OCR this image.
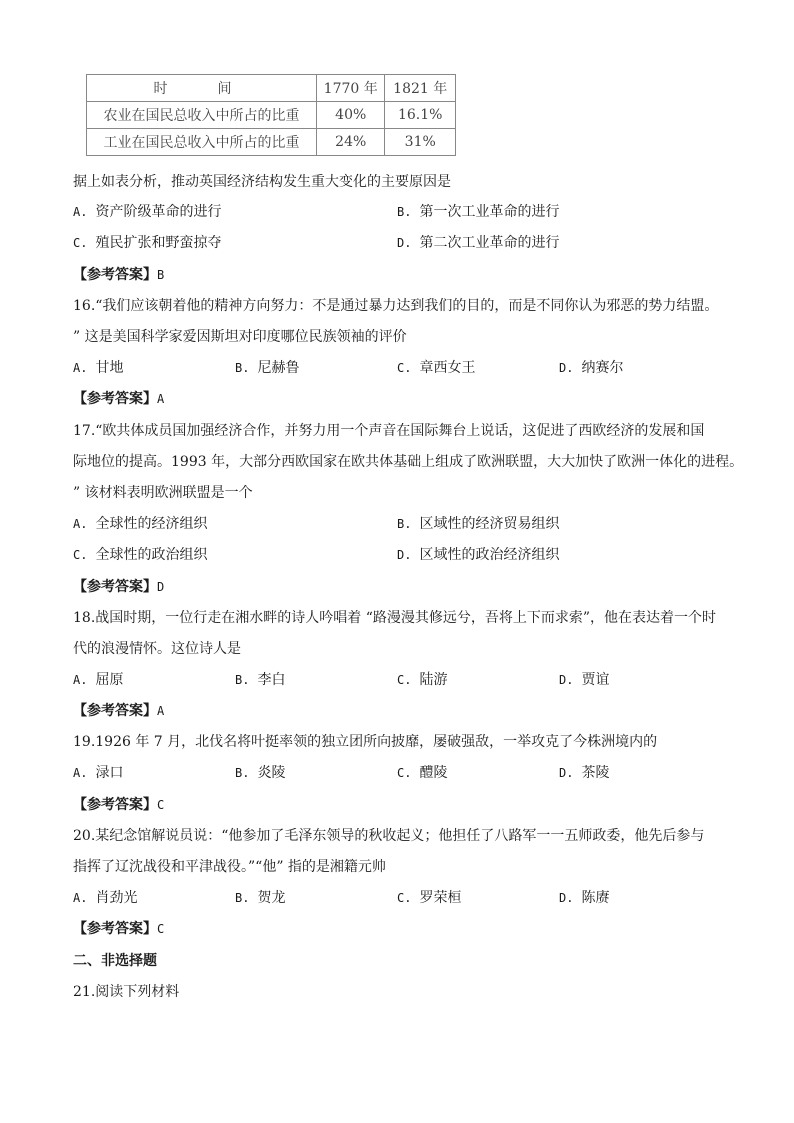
时　间	1770 年	1821 年
农业在国民总收入中所占的比重	40%	16.1%
工业在国民总收入中所占的比重	24%	31%
据上如表分析，推动英国经济结构发生重大变化的主要原因是
A. 资产阶级革命的进行	B. 第一次工业革命的进行
C. 殖民扩张和野蛮掠夺	D. 第二次工业革命的进行
【参考答案】B
16.“我们应该朝着他的精神方向努力：不是通过暴力达到我们的目的，而是不同你认为邪恶的势力结盟。
” 这是美国科学家爱因斯坦对印度哪位民族领袖的评价
A. 甘地	B. 尼赫鲁	C. 章西女王	D. 纳赛尔
【参考答案】A
17.“欧共体成员国加强经济合作，并努力用一个声音在国际舞台上说话，这促进了西欧经济的发展和国
际地位的提高。1993 年，大部分西欧国家在欧共体基础上组成了欧洲联盟，大大加快了欧洲一体化的进程。
” 该材料表明欧洲联盟是一个
A. 全球性的经济组织	B. 区域性的经济贸易组织
C. 全球性的政治组织	D. 区域性的政治经济组织
【参考答案】D
18.战国时期，一位行走在湘水畔的诗人吟唱着 “路漫漫其修远兮，吾将上下而求索”，他在表达着一个时
代的浪漫情怀。这位诗人是
A. 屈原	B. 李白	C. 陆游	D. 贾谊
【参考答案】A
19.1926 年 7 月，北伐名将叶挺率领的独立团所向披靡，屡破强敌，一举攻克了今株洲境内的
A. 渌口	B. 炎陵	C. 醴陵	D. 茶陵
【参考答案】C
20.某纪念馆解说员说：“他参加了毛泽东领导的秋收起义；他担任了八路军一一五师政委，他先后参与
指挥了辽沈战役和平津战役。”“他” 指的是湘籍元帅
A. 肖劲光	B. 贺龙	C. 罗荣桓	D. 陈赓
【参考答案】C
二、非选择题
21.阅读下列材料
